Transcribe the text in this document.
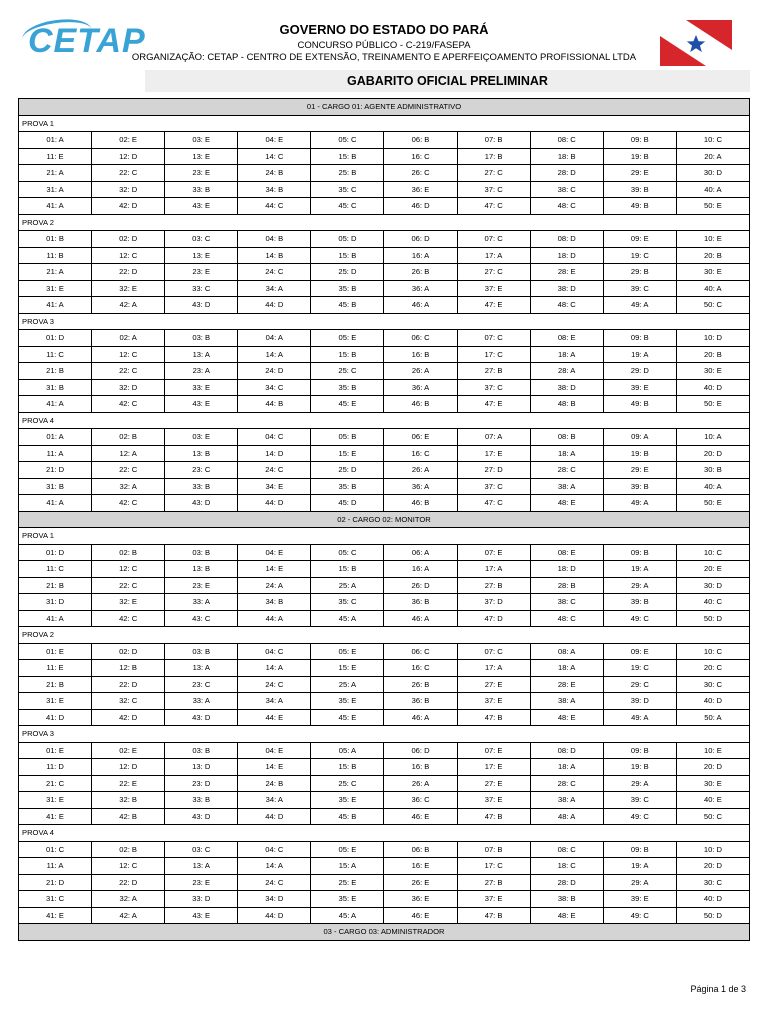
CETAP	GOVERNO DO ESTADO DO PARÁ
CONCURSO PÚBLICO - C-219/FASEPA
ORGANIZAÇÃO: CETAP - CENTRO DE EXTENSÃO, TREINAMENTO E APERFEIÇOAMENTO PROFISSIONAL LTDA
GABARITO OFICIAL PRELIMINAR
01 - CARGO 01: AGENTE ADMINISTRATIVO									
PROVA 1									
01: A	02: E	03: E	04: E	05: C	06: B	07: B	08: C	09: B	10: C
11: E	12: D	13: E	14: C	15: B	16: C	17: B	18: B	19: B	20: A
21: A	22: C	23: E	24: B	25: B	26: C	27: C	28: D	29: E	30: D
31: A	32: D	33: B	34: B	35: C	36: E	37: C	38: C	39: B	40: A
41: A	42: D	43: E	44: C	45: C	46: D	47: C	48: C	49: B	50: E
PROVA 2									
01: B	02: D	03: C	04: B	05: D	06: D	07: C	08: D	09: E	10: E
11: B	12: C	13: E	14: B	15: B	16: A	17: A	18: D	19: C	20: B
21: A	22: D	23: E	24: C	25: D	26: B	27: C	28: E	29: B	30: E
31: E	32: E	33: C	34: A	35: B	36: A	37: E	38: D	39: C	40: A
41: A	42: A	43: D	44: D	45: B	46: A	47: E	48: C	49: A	50: C
PROVA 3									
01: D	02: A	03: B	04: A	05: E	06: C	07: C	08: E	09: B	10: D
11: C	12: C	13: A	14: A	15: B	16: B	17: C	18: A	19: A	20: B
21: B	22: C	23: A	24: D	25: C	26: A	27: B	28: A	29: D	30: E
31: B	32: D	33: E	34: C	35: B	36: A	37: C	38: D	39: E	40: D
41: A	42: C	43: E	44: B	45: E	46: B	47: E	48: B	49: B	50: E
PROVA 4									
01: A	02: B	03: E	04: C	05: B	06: E	07: A	08: B	09: A	10: A
11: A	12: A	13: B	14: D	15: E	16: C	17: E	18: A	19: B	20: D
21: D	22: C	23: C	24: C	25: D	26: A	27: D	28: C	29: E	30: B
31: B	32: A	33: B	34: E	35: B	36: A	37: C	38: A	39: B	40: A
41: A	42: C	43: D	44: D	45: D	46: B	47: C	48: E	49: A	50: E
02 - CARGO 02: MONITOR									
PROVA 1									
01: D	02: B	03: B	04: E	05: C	06: A	07: E	08: E	09: B	10: C
11: C	12: C	13: B	14: E	15: B	16: A	17: A	18: D	19: A	20: E
21: B	22: C	23: E	24: A	25: A	26: D	27: B	28: B	29: A	30: D
31: D	32: E	33: A	34: B	35: C	36: B	37: D	38: C	39: B	40: C
41: A	42: C	43: C	44: A	45: A	46: A	47: D	48: C	49: C	50: D
PROVA 2									
01: E	02: D	03: B	04: C	05: E	06: C	07: C	08: A	09: E	10: C
11: E	12: B	13: A	14: A	15: E	16: C	17: A	18: A	19: C	20: C
21: B	22: D	23: C	24: C	25: A	26: B	27: E	28: E	29: C	30: C
31: E	32: C	33: A	34: A	35: E	36: B	37: E	38: A	39: D	40: D
41: D	42: D	43: D	44: E	45: E	46: A	47: B	48: E	49: A	50: A
PROVA 3									
01: E	02: E	03: B	04: E	05: A	06: D	07: E	08: D	09: B	10: E
11: D	12: D	13: D	14: E	15: B	16: B	17: E	18: A	19: B	20: D
21: C	22: E	23: D	24: B	25: C	26: A	27: E	28: C	29: A	30: E
31: E	32: B	33: B	34: A	35: E	36: C	37: E	38: A	39: C	40: E
41: E	42: B	43: D	44: D	45: B	46: E	47: B	48: A	49: C	50: C
PROVA 4									
01: C	02: B	03: C	04: C	05: E	06: B	07: B	08: C	09: B	10: D
11: A	12: C	13: A	14: A	15: A	16: E	17: C	18: C	19: A	20: D
21: D	22: D	23: E	24: C	25: E	26: E	27: B	28: D	29: A	30: C
31: C	32: A	33: D	34: D	35: E	36: E	37: E	38: B	39: E	40: D
41: E	42: A	43: E	44: D	45: A	46: E	47: B	48: E	49: C	50: D
03 - CARGO 03: ADMINISTRADOR									
Página 1 de 3
